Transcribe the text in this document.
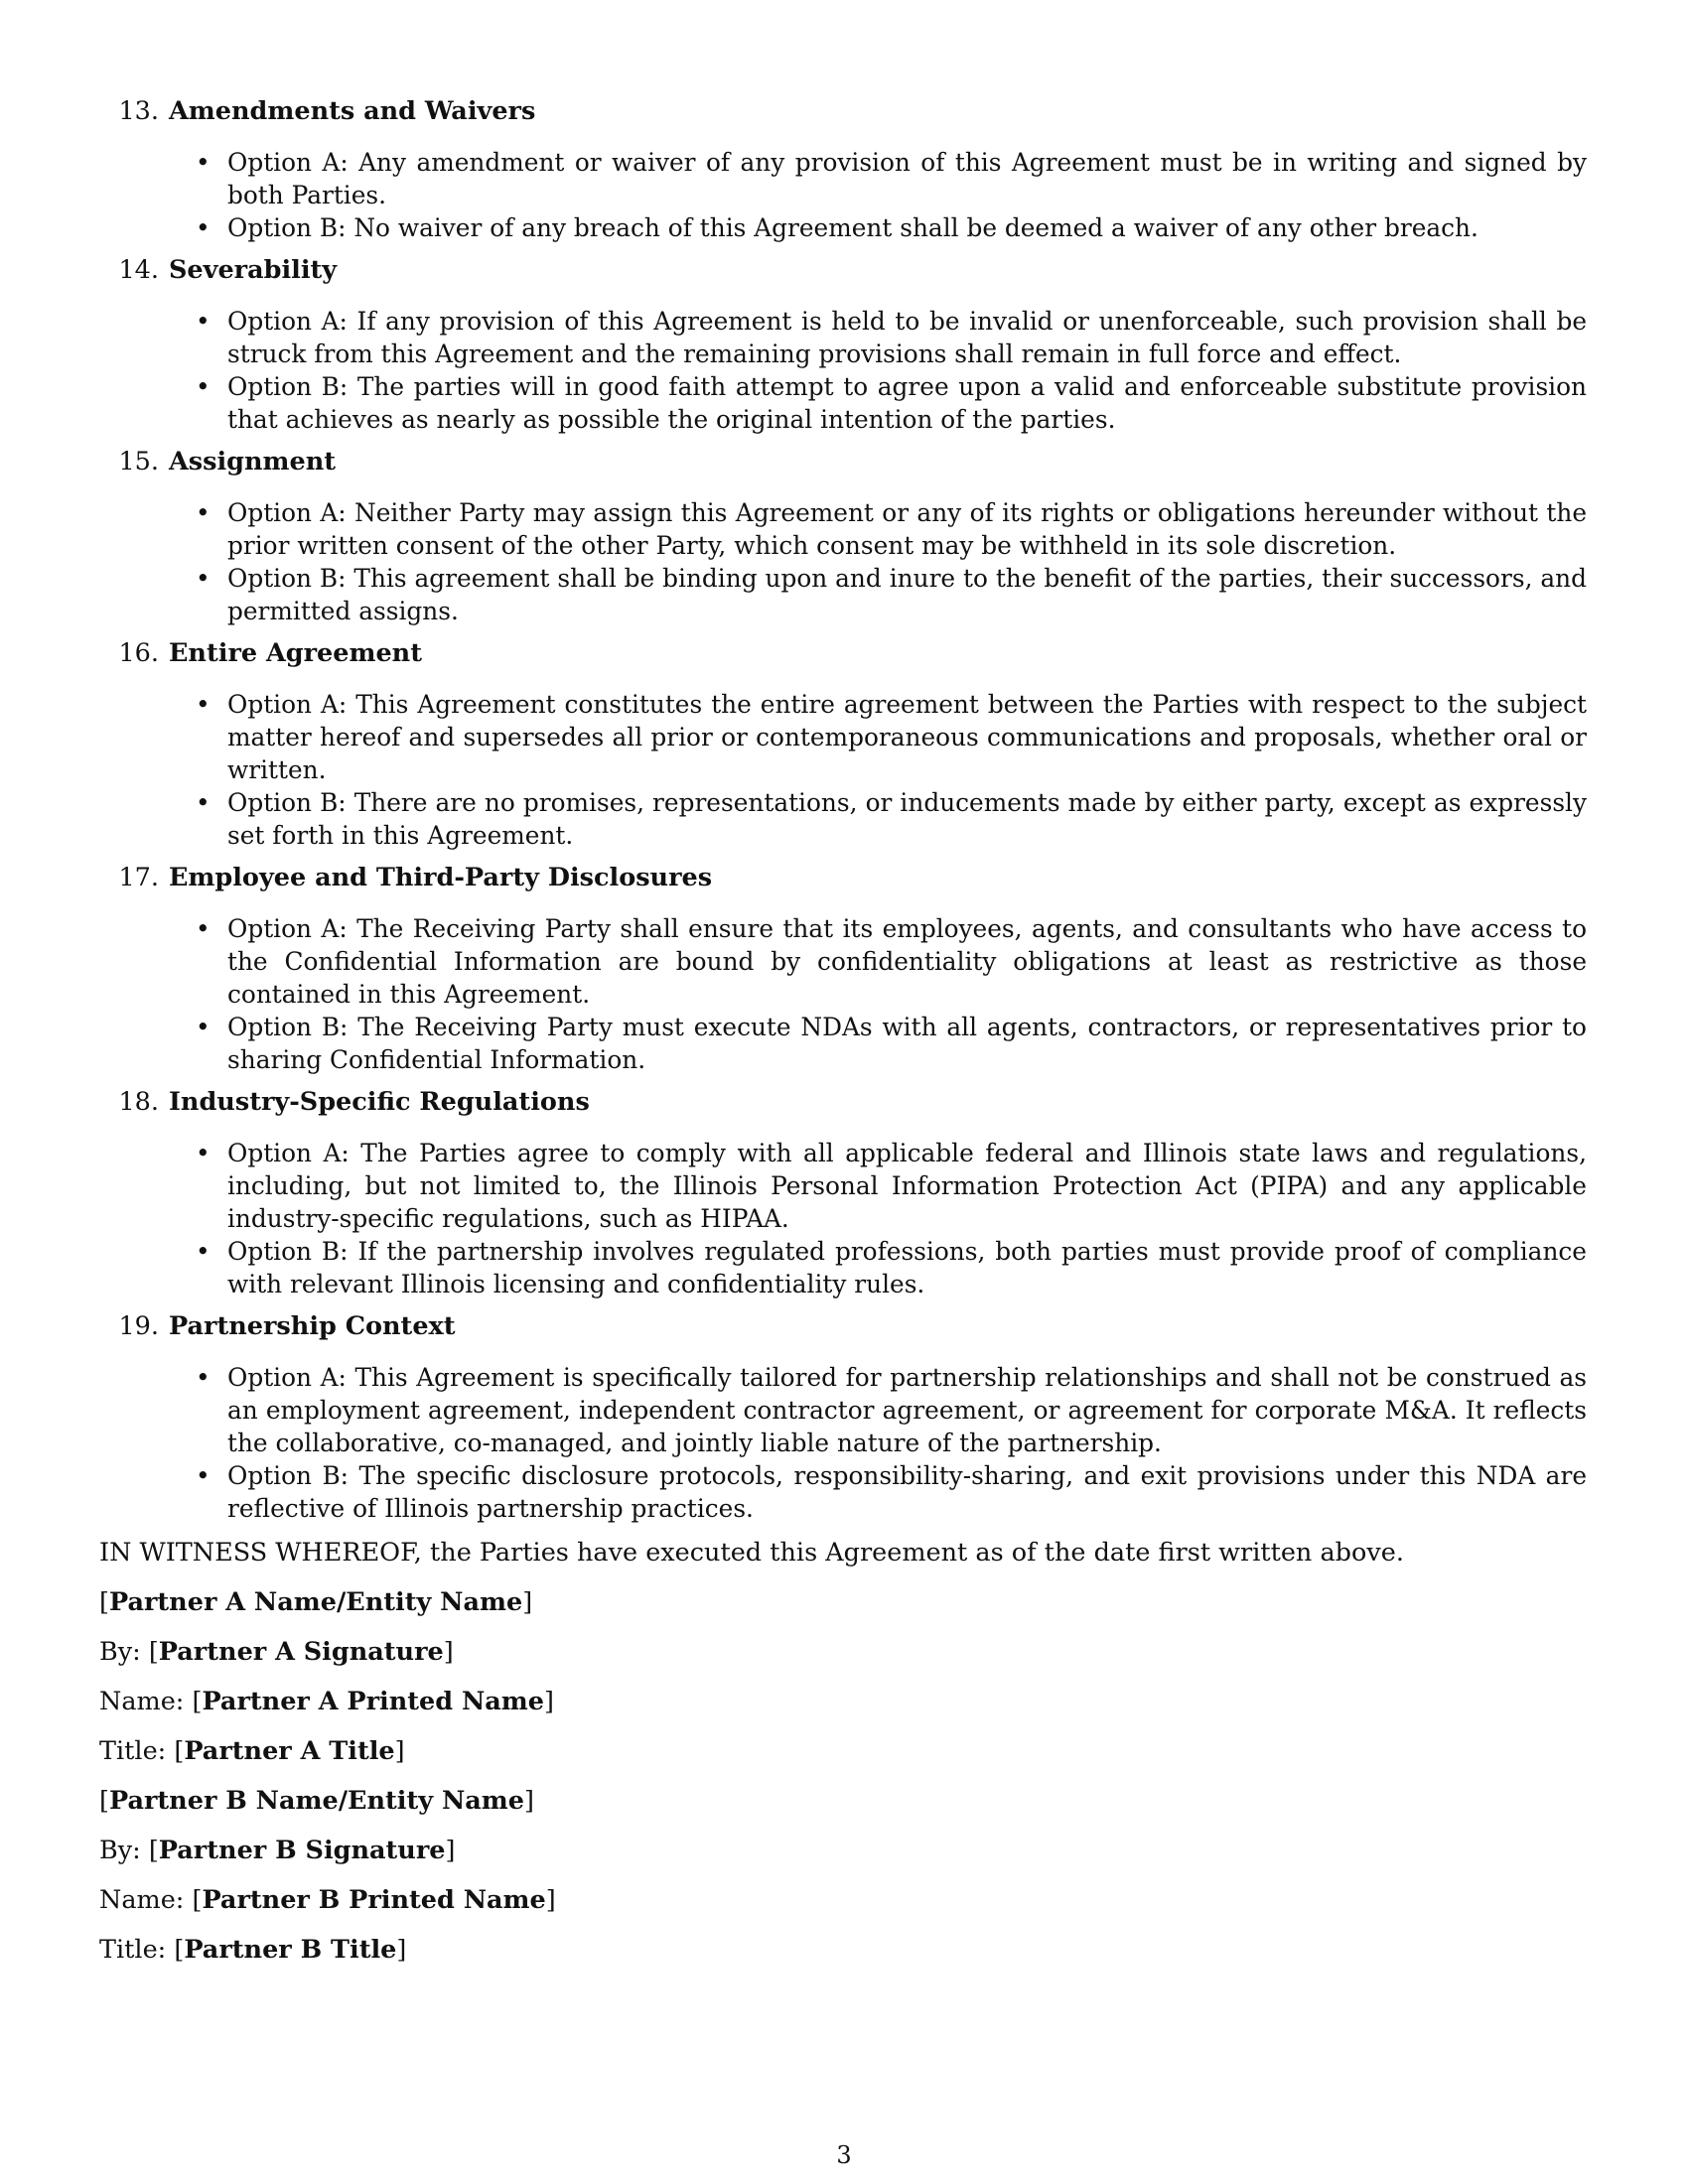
13. Amendments and Waivers
• Option A: Any amendment or waiver of any provision of this Agreement must be in writing and signed by both Parties.
• Option B: No waiver of any breach of this Agreement shall be deemed a waiver of any other breach.
14. Severability
• Option A: If any provision of this Agreement is held to be invalid or unenforceable, such provision shall be struck from this Agreement and the remaining provisions shall remain in full force and effect.
• Option B: The parties will in good faith attempt to agree upon a valid and enforceable substitute provision that achieves as nearly as possible the original intention of the parties.
15. Assignment
• Option A: Neither Party may assign this Agreement or any of its rights or obligations hereunder without the prior written consent of the other Party, which consent may be withheld in its sole discretion.
• Option B: This agreement shall be binding upon and inure to the benefit of the parties, their successors, and permitted assigns.
16. Entire Agreement
• Option A: This Agreement constitutes the entire agreement between the Parties with respect to the subject matter hereof and supersedes all prior or contemporaneous communications and proposals, whether oral or written.
• Option B: There are no promises, representations, or inducements made by either party, except as expressly set forth in this Agreement.
17. Employee and Third-Party Disclosures
• Option A: The Receiving Party shall ensure that its employees, agents, and consultants who have access to the Confidential Information are bound by confidentiality obligations at least as restrictive as those contained in this Agreement.
• Option B: The Receiving Party must execute NDAs with all agents, contractors, or representatives prior to sharing Confidential Information.
18. Industry-Specific Regulations
• Option A: The Parties agree to comply with all applicable federal and Illinois state laws and regulations, including, but not limited to, the Illinois Personal Information Protection Act (PIPA) and any applicable industry-specific regulations, such as HIPAA.
• Option B: If the partnership involves regulated professions, both parties must provide proof of compliance with relevant Illinois licensing and confidentiality rules.
19. Partnership Context
• Option A: This Agreement is specifically tailored for partnership relationships and shall not be construed as an employment agreement, independent contractor agreement, or agreement for corporate M&A. It reflects the collaborative, co-managed, and jointly liable nature of the partnership.
• Option B: The specific disclosure protocols, responsibility-sharing, and exit provisions under this NDA are reflective of Illinois partnership practices.

IN WITNESS WHEREOF, the Parties have executed this Agreement as of the date first written above.

[Partner A Name/Entity Name]
By: [Partner A Signature]
Name: [Partner A Printed Name]
Title: [Partner A Title]
[Partner B Name/Entity Name]
By: [Partner B Signature]
Name: [Partner B Printed Name]
Title: [Partner B Title]
3
